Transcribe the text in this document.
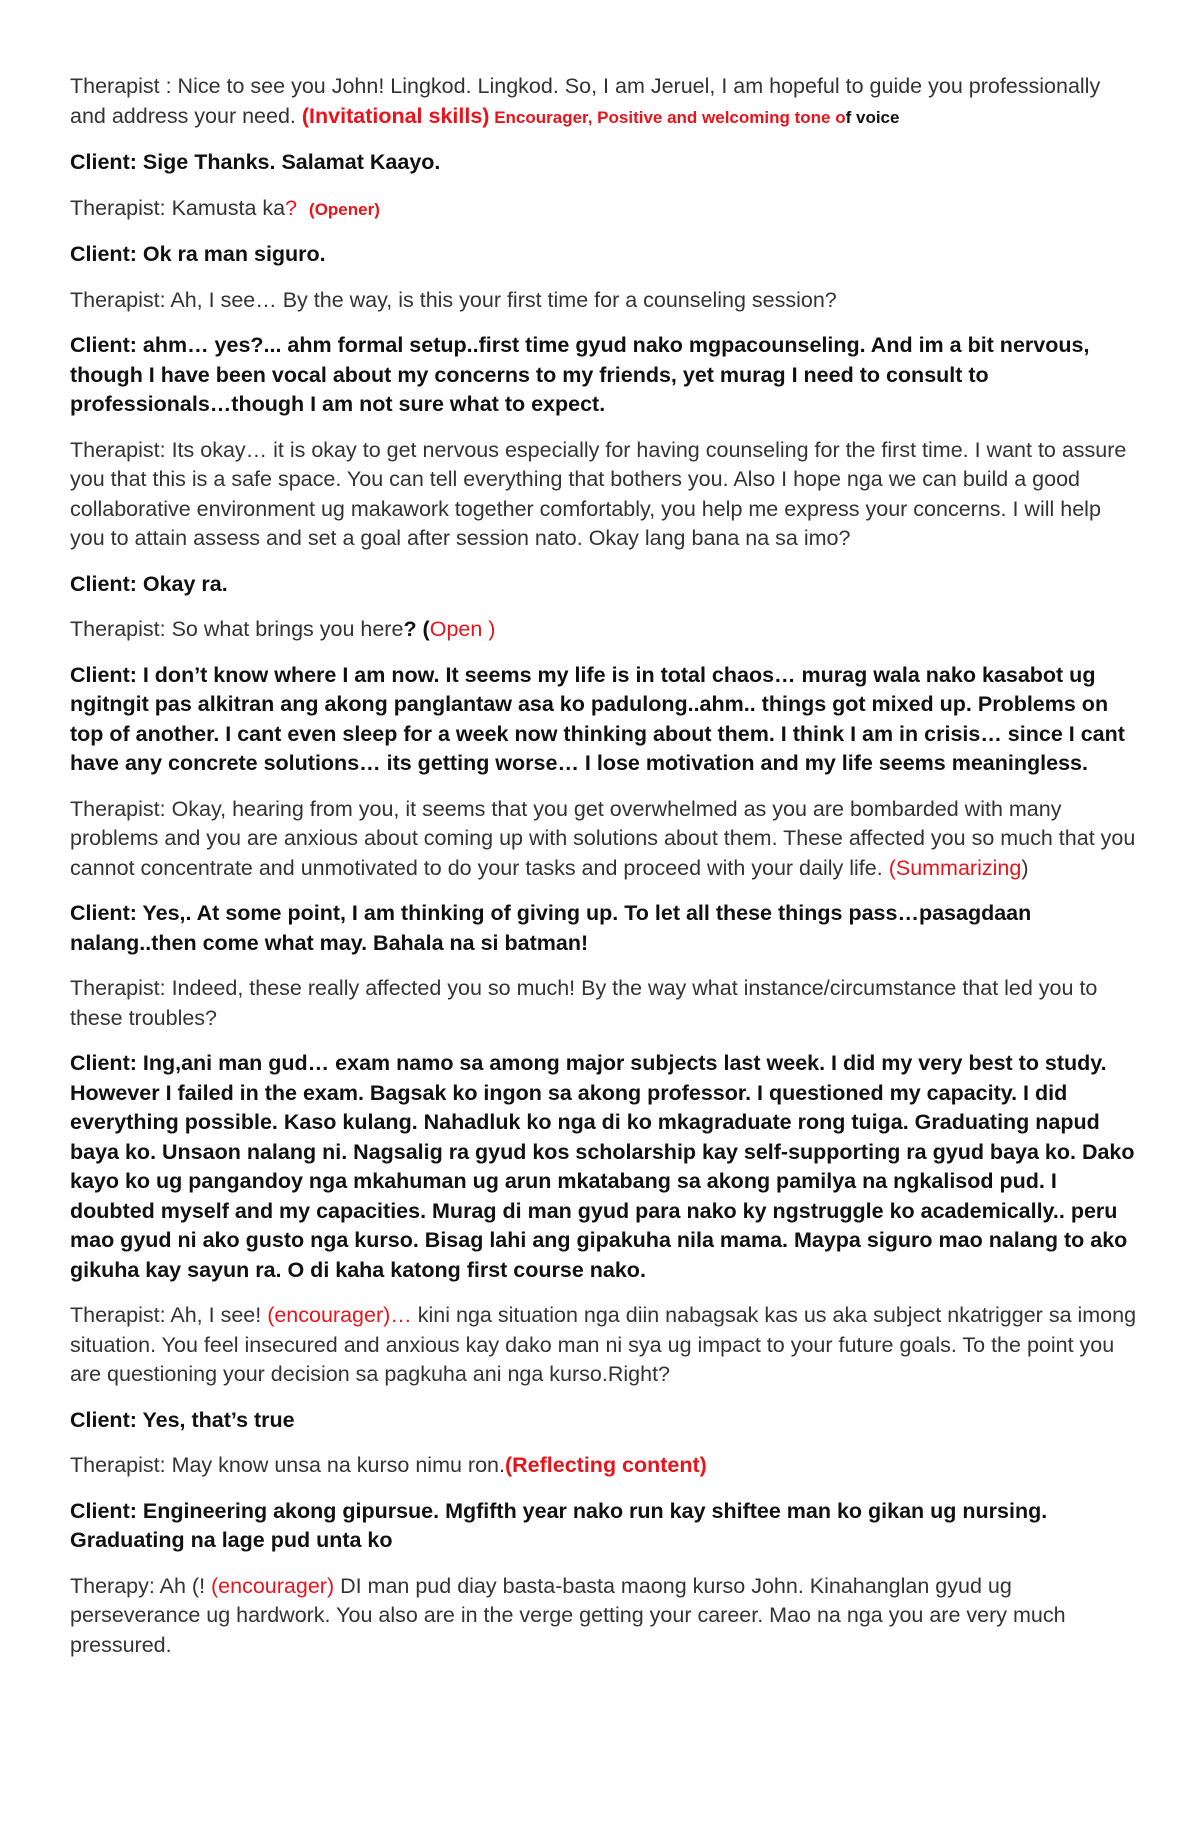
Therapist : Nice to see you John! Lingkod. Lingkod. So, I am Jeruel, I am hopeful to guide you professionally and address your need. (Invitational skills) Encourager, Positive and welcoming tone of voice

Client: Sige Thanks. Salamat Kaayo.

Therapist: Kamusta ka? (Opener)

Client: Ok ra man siguro.

Therapist: Ah, I see… By the way, is this your first time for a counseling session?

Client: ahm… yes?... ahm formal setup..first time gyud nako mgpacounseling. And im a bit nervous, though I have been vocal about my concerns to my friends, yet murag I need to consult to professionals…though I am not sure what to expect.

Therapist: Its okay… it is okay to get nervous especially for having counseling for the first time. I want to assure you that this is a safe space. You can tell everything that bothers you. Also I hope nga we can build a good collaborative environment ug makawork together comfortably, you help me express your concerns. I will help you to attain assess and set a goal after session nato. Okay lang bana na sa imo?

Client: Okay ra.

Therapist: So what brings you here? (Open )

Client: I don’t know where I am now. It seems my life is in total chaos… murag wala nako kasabot ug ngitngit pas alkitran ang akong panglantaw asa ko padulong..ahm.. things got mixed up. Problems on top of another. I cant even sleep for a week now thinking about them. I think I am in crisis… since I cant have any concrete solutions… its getting worse… I lose motivation and my life seems meaningless.

Therapist: Okay, hearing from you, it seems that you get overwhelmed as you are bombarded with many problems and you are anxious about coming up with solutions about them. These affected you so much that you cannot concentrate and unmotivated to do your tasks and proceed with your daily life. (Summarizing)

Client: Yes,. At some point, I am thinking of giving up. To let all these things pass…pasagdaan nalang..then come what may. Bahala na si batman!

Therapist: Indeed, these really affected you so much! By the way what instance/circumstance that led you to these troubles?

Client: Ing,ani man gud… exam namo sa among major subjects last week. I did my very best to study. However I failed in the exam. Bagsak ko ingon sa akong professor. I questioned my capacity. I did everything possible. Kaso kulang. Nahadluk ko nga di ko mkagraduate rong tuiga. Graduating napud baya ko. Unsaon nalang ni. Nagsalig ra gyud kos scholarship kay self-supporting ra gyud baya ko. Dako kayo ko ug pangandoy nga mkahuman ug arun mkatabang sa akong pamilya na ngkalisod pud. I doubted myself and my capacities. Murag di man gyud para nako ky ngstruggle ko academically.. peru mao gyud ni ako gusto nga kurso. Bisag lahi ang gipakuha nila mama. Maypa siguro mao nalang to ako gikuha kay sayun ra. O di kaha katong first course nako.

Therapist: Ah, I see! (encourager)… kini nga situation nga diin nabagsak kas us aka subject nkatrigger sa imong situation. You feel insecured and anxious kay dako man ni sya ug impact to your future goals. To the point you are questioning your decision sa pagkuha ani nga kurso.Right?

Client: Yes, that’s true

Therapist: May know unsa na kurso nimu ron.(Reflecting content)

Client: Engineering akong gipursue. Mgfifth year nako run kay shiftee man ko gikan ug nursing. Graduating na lage pud unta ko

Therapy: Ah (! (encourager) DI man pud diay basta-basta maong kurso John. Kinahanglan gyud ug perseverance ug hardwork. You also are in the verge getting your career. Mao na nga you are very much pressured.
